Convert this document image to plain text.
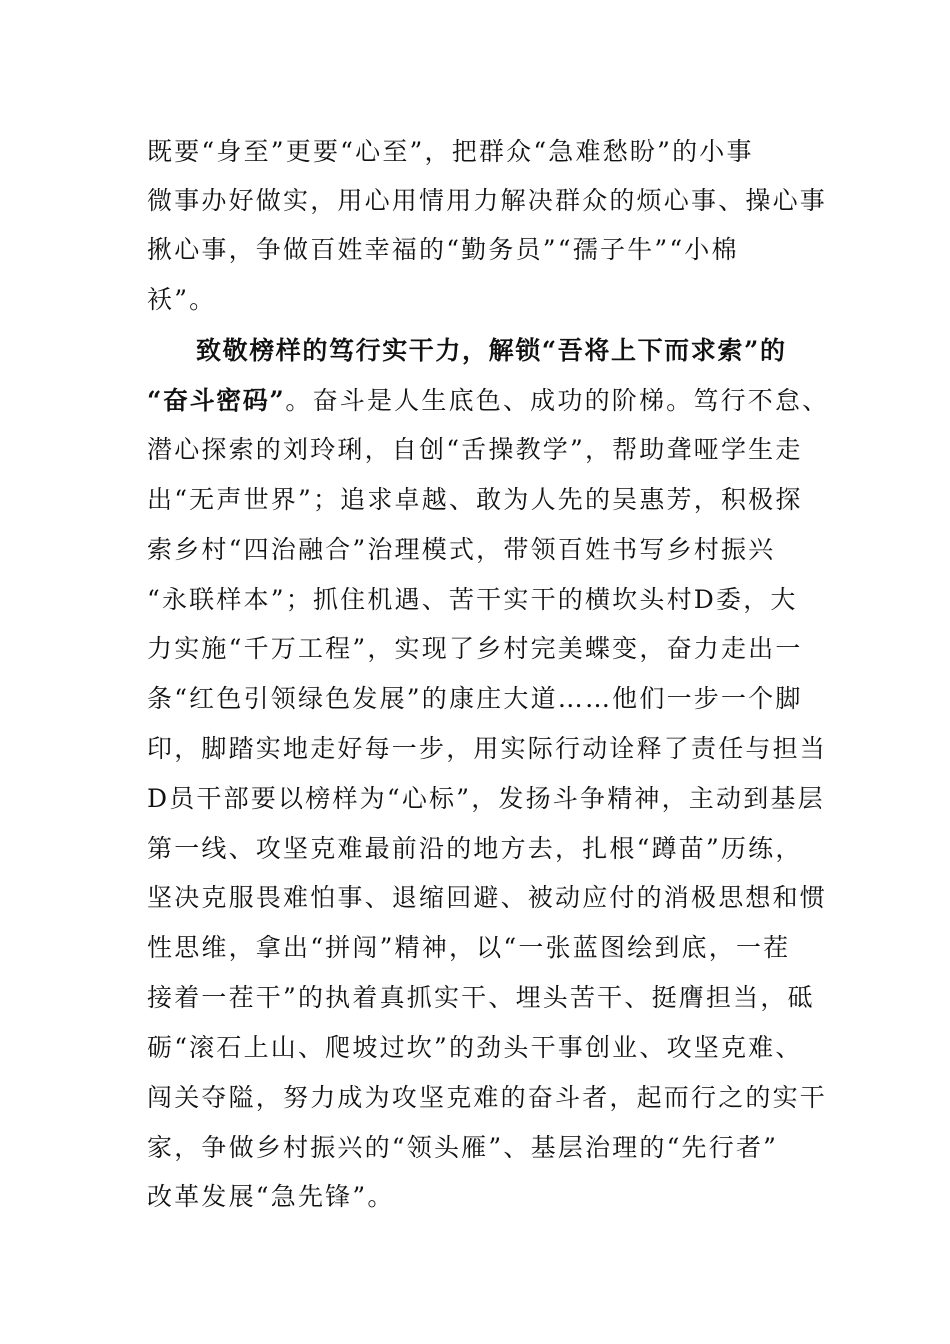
既要“身至”更要“心至”，把群众“急难愁盼”的小事
微事办好做实，用心用情用力解决群众的烦心事、操心事
揪心事，争做百姓幸福的“勤务员”“孺子牛”“小棉
袄”。
致敬榜样的笃行实干力，解锁“吾将上下而求索”的
“奋斗密码”。奋斗是人生底色、成功的阶梯。笃行不怠、
潜心探索的刘玲琍，自创“舌操教学”，帮助聋哑学生走
出“无声世界”；追求卓越、敢为人先的吴惠芳，积极探
索乡村“四治融合”治理模式，带领百姓书写乡村振兴
“永联样本”；抓住机遇、苦干实干的横坎头村D委，大
力实施“千万工程”，实现了乡村完美蝶变，奋力走出一
条“红色引领绿色发展”的康庄大道……他们一步一个脚
印，脚踏实地走好每一步，用实际行动诠释了责任与担当
D员干部要以榜样为“心标”，发扬斗争精神，主动到基层
第一线、攻坚克难最前沿的地方去，扎根“蹲苗”历练，
坚决克服畏难怕事、退缩回避、被动应付的消极思想和惯
性思维，拿出“拼闯”精神，以“一张蓝图绘到底，一茬
接着一茬干”的执着真抓实干、埋头苦干、挺膺担当，砥
砺“滚石上山、爬坡过坎”的劲头干事创业、攻坚克难、
闯关夺隘，努力成为攻坚克难的奋斗者，起而行之的实干
家，争做乡村振兴的“领头雁”、基层治理的“先行者”
改革发展“急先锋”。
